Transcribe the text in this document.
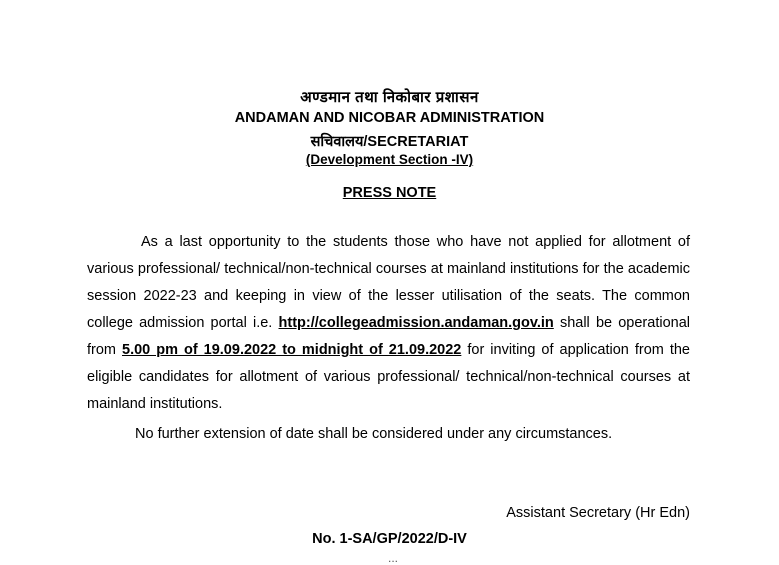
अण्डमान तथा निकोबार प्रशासन
ANDAMAN AND NICOBAR ADMINISTRATION
सचिवालय/SECRETARIAT
(Development Section -IV)
PRESS NOTE

As a last opportunity to the students those who have not applied for allotment of various professional/ technical/non-technical courses at mainland institutions for the academic session 2022-23 and keeping in view of the lesser utilisation of the seats. The common college admission portal i.e. http://collegeadmission.andaman.gov.in shall be operational from 5.00 pm of 19.09.2022 to midnight of 21.09.2022 for inviting of application from the eligible candidates for allotment of various professional/ technical/non-technical courses at mainland institutions.

No further extension of date shall be considered under any circumstances.
Assistant Secretary (Hr Edn)
No. 1-SA/GP/2022/D-IV
...
